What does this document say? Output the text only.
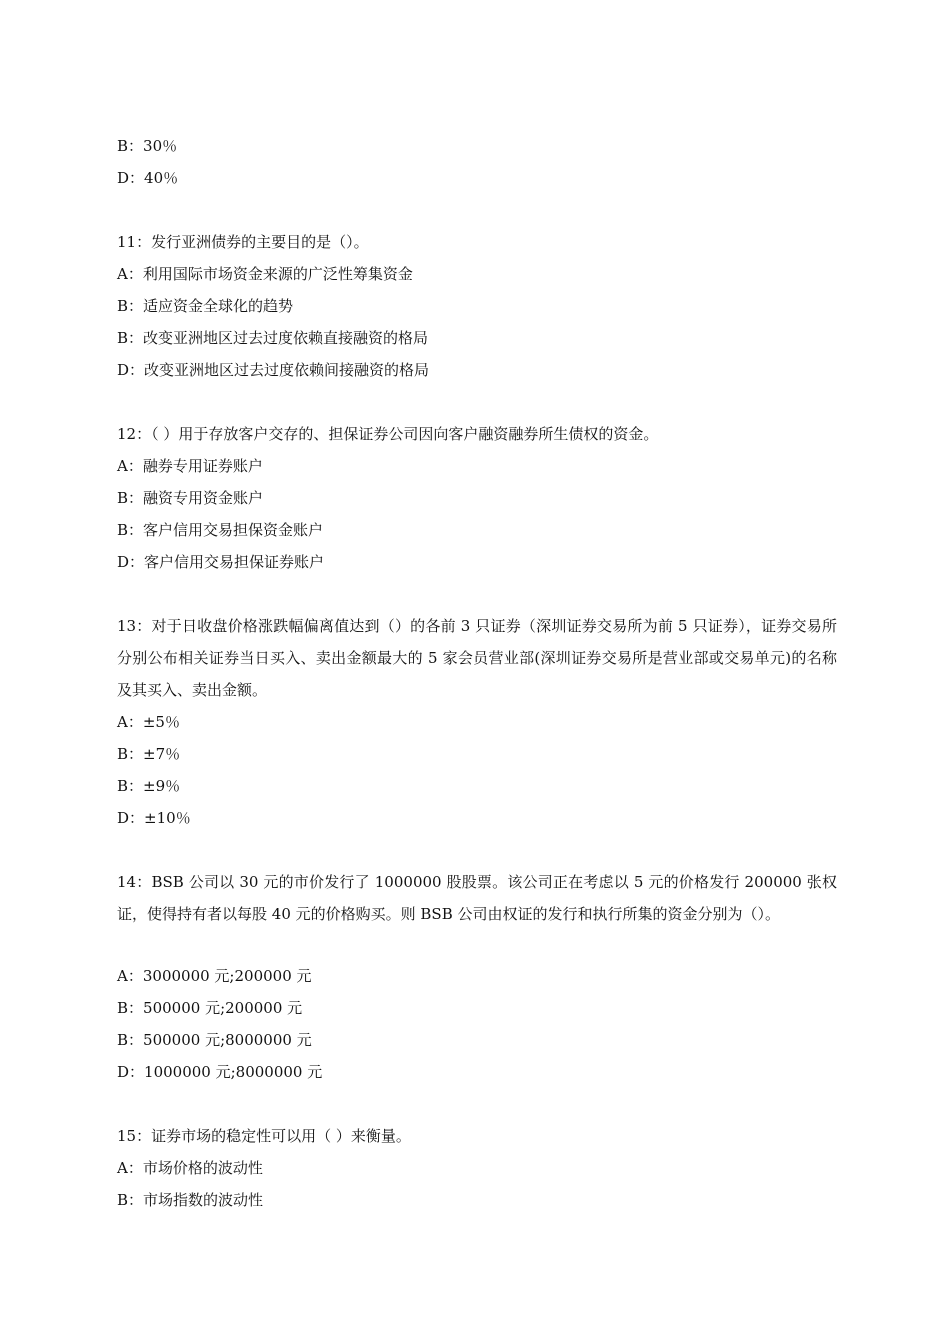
B：30％
D：40％
11：发行亚洲债券的主要目的是（）。
A：利用国际市场资金来源的广泛性筹集资金
B：适应资金全球化的趋势
B：改变亚洲地区过去过度依赖直接融资的格局
D：改变亚洲地区过去过度依赖间接融资的格局
12：（ ）用于存放客户交存的、担保证券公司因向客户融资融券所生债权的资金。
A：融券专用证券账户
B：融资专用资金账户
B：客户信用交易担保资金账户
D：客户信用交易担保证券账户
13：对于日收盘价格涨跌幅偏离值达到（）的各前 3 只证券（深圳证券交易所为前 5 只证券），证券交易所分别公布相关证券当日买入、卖出金额最大的 5 家会员营业部(深圳证券交易所是营业部或交易单元)的名称及其买入、卖出金额。
A：±5％
B：±7％
B：±9％
D：±10％
14：BSB 公司以 30 元的市价发行了 1000000 股股票。该公司正在考虑以 5 元的价格发行 200000 张权证，使得持有者以每股 40 元的价格购买。则 BSB 公司由权证的发行和执行所集的资金分别为（）。
A：3000000 元;200000 元
B：500000 元;200000 元
B：500000 元;8000000 元
D：1000000 元;8000000 元
15：证券市场的稳定性可以用（ ）来衡量。
A：市场价格的波动性
B：市场指数的波动性
